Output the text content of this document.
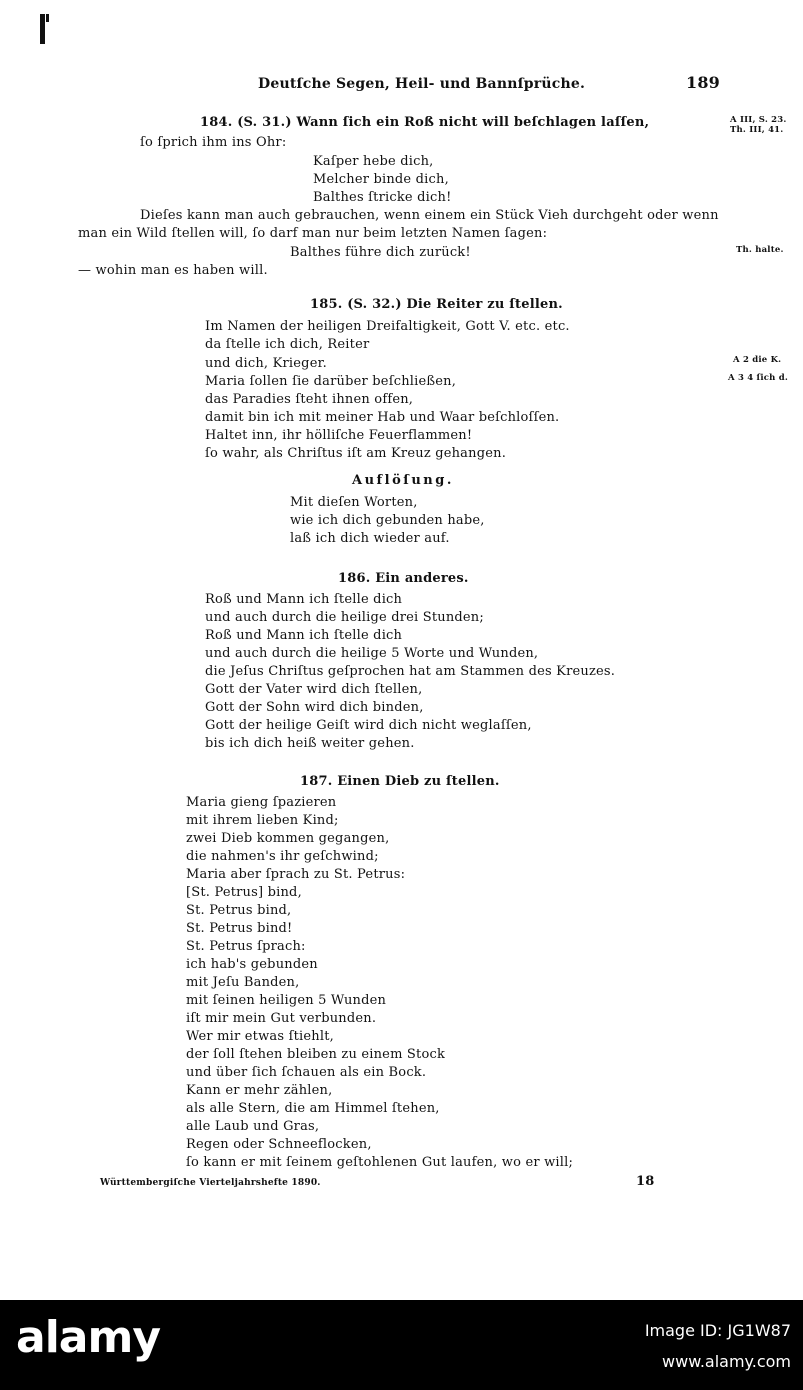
Deutſche Segen, Heil- und Bannſprüche.	189
A III, S. 23.
Th. III, 41.
Th. halte.
A 2 die K.
A 3 4 ſich d.
184. (S. 31.) Wann ſich ein Roß nicht will beſchlagen laſſen,
ſo ſprich ihm ins Ohr:
Kaſper hebe dich,
Melcher binde dich,
Balthes ſtricke dich!
Dieſes kann man auch gebrauchen, wenn einem ein Stück Vieh durchgeht oder wenn
man ein Wild ſtellen will, ſo darf man nur beim letzten Namen ſagen:
Balthes führe dich zurück!
— wohin man es haben will.
185. (S. 32.) Die Reiter zu ſtellen.
Im Namen der heiligen Dreifaltigkeit, Gott V. etc. etc.
da ſtelle ich dich, Reiter
und dich, Krieger.
Maria ſollen ſie darüber beſchließen,
das Paradies ſteht ihnen offen,
damit bin ich mit meiner Hab und Waar beſchloſſen.
Haltet inn, ihr hölliſche Feuerflammen!
ſo wahr, als Chriſtus iſt am Kreuz gehangen.
Auflöſung.
Mit dieſen Worten,
wie ich dich gebunden habe,
laß ich dich wieder auf.
186. Ein anderes.
Roß und Mann ich ſtelle dich
und auch durch die heilige drei Stunden;
Roß und Mann ich ſtelle dich
und auch durch die heilige 5 Worte und Wunden,
die Jeſus Chriſtus geſprochen hat am Stammen des Kreuzes.
Gott der Vater wird dich ſtellen,
Gott der Sohn wird dich binden,
Gott der heilige Geiſt wird dich nicht weglaſſen,
bis ich dich heiß weiter gehen.
187. Einen Dieb zu ſtellen.
Maria gieng ſpazieren
mit ihrem lieben Kind;
zwei Dieb kommen gegangen,
die nahmen's ihr geſchwind;
Maria aber ſprach zu St. Petrus:
[St. Petrus] bind,
St. Petrus bind,
St. Petrus bind!
St. Petrus ſprach:
ich hab's gebunden
mit Jeſu Banden,
mit ſeinen heiligen 5 Wunden
iſt mir mein Gut verbunden.
Wer mir etwas ſtiehlt,
der ſoll ſtehen bleiben zu einem Stock
und über ſich ſchauen als ein Bock.
Kann er mehr zählen,
als alle Stern, die am Himmel ſtehen,
alle Laub und Gras,
Regen oder Schneeflocken,
ſo kann er mit ſeinem geſtohlenen Gut laufen, wo er will;
Württembergiſche Vierteljahrshefte 1890.	18
alamy	Image ID: JG1W87
www.alamy.com
